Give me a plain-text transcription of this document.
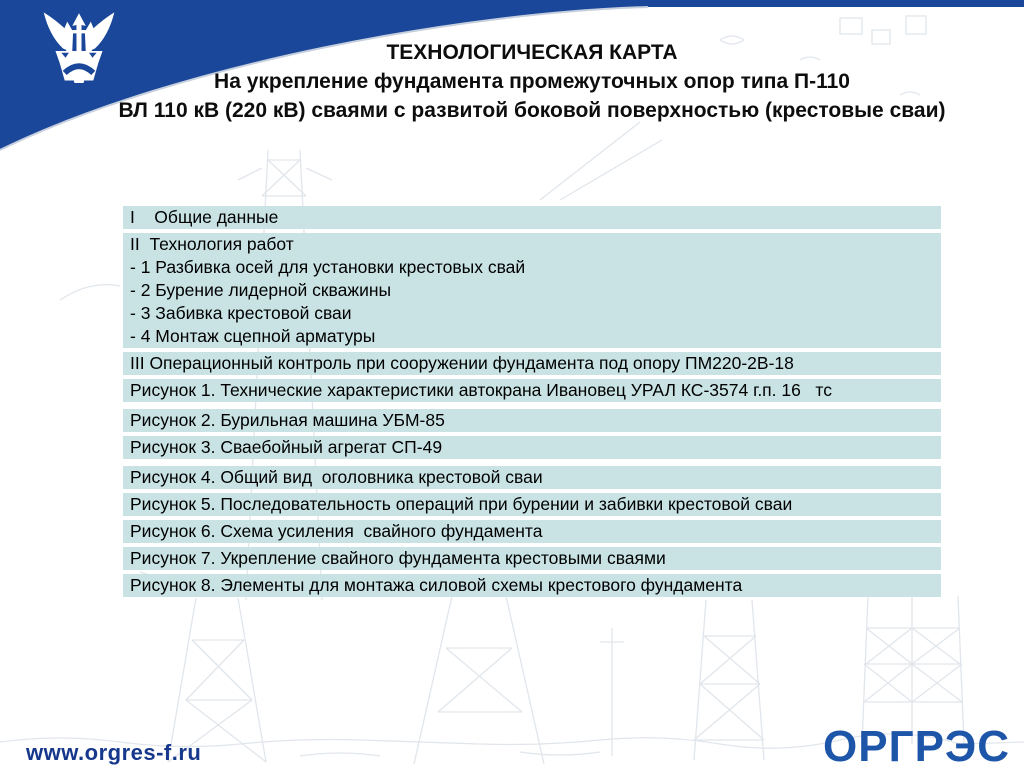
ТЕХНОЛОГИЧЕСКАЯ КАРТА
На укрепление фундамента промежуточных опор типа П-110
ВЛ 110 кВ (220 кВ) сваями с развитой боковой поверхностью (крестовые сваи)
I    Общие данные
II  Технология работ
- 1 Разбивка осей для установки крестовых свай
- 2 Бурение лидерной скважины
- 3 Забивка крестовой сваи
- 4 Монтаж сцепной арматуры
III Операционный контроль при сооружении фундамента под опору ПМ220-2В-18
Рисунок 1. Технические характеристики автокрана Ивановец УРАЛ КС-3574 г.п. 16   тс
Рисунок 2. Бурильная машина УБМ-85
Рисунок 3. Сваебойный агрегат СП-49
Рисунок 4. Общий вид  оголовника крестовой сваи
Рисунок 5. Последовательность операций при бурении и забивки крестовой сваи
Рисунок 6. Схема усиления  свайного фундамента
Рисунок 7. Укрепление свайного фундамента крестовыми сваями
Рисунок 8. Элементы для монтажа силовой схемы крестового фундамента
www.orgres-f.ru	ОРГРЭС
